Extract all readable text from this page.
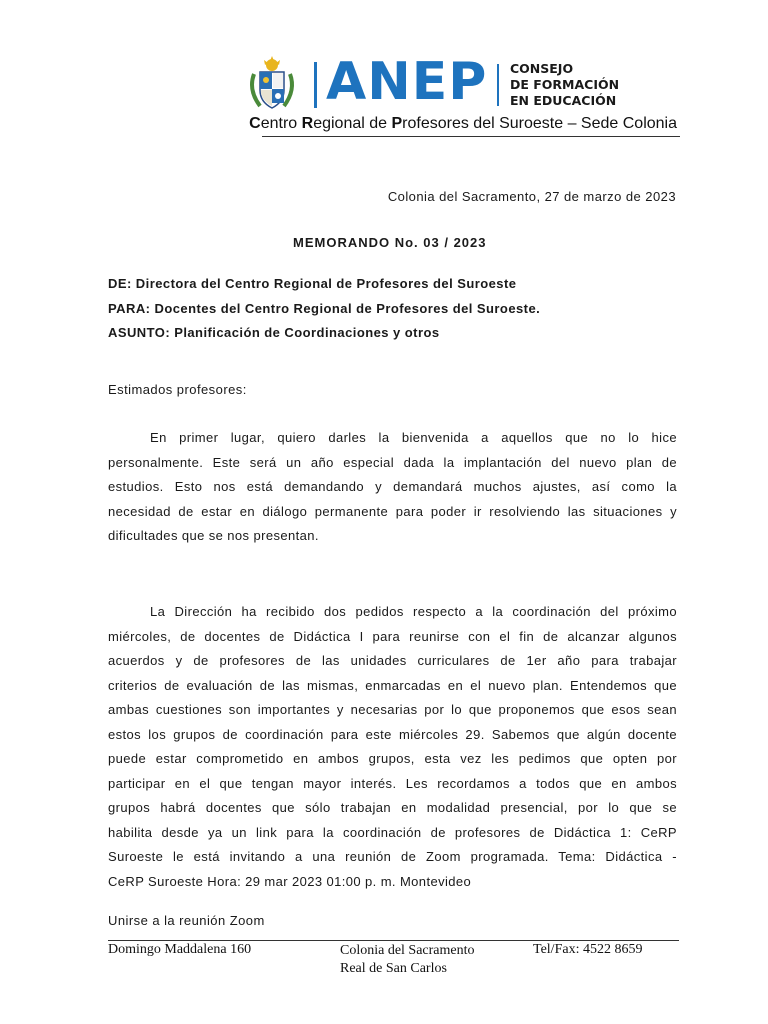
ANEP CONSEJO
DE FORMACIÓN
EN EDUCACIÓN
Centro Regional de Profesores del Suroeste – Sede Colonia
Colonia del Sacramento, 27 de marzo de 2023
MEMORANDO No. 03 / 2023
DE: Directora del Centro Regional de Profesores del Suroeste
PARA: Docentes del Centro Regional de Profesores del Suroeste.
ASUNTO: Planificación de Coordinaciones y otros
Estimados profesores:
En primer lugar, quiero darles la bienvenida a aquellos que no lo hice
personalmente. Este será un año especial dada la implantación del nuevo plan de
estudios. Esto nos está demandando y demandará muchos ajustes, así como la
necesidad de estar en diálogo permanente para poder ir resolviendo las situaciones y
dificultades que se nos presentan.
La Dirección ha recibido dos pedidos respecto a la coordinación del próximo
miércoles, de docentes de Didáctica I para reunirse con el fin de alcanzar algunos
acuerdos y de profesores de las unidades curriculares de 1er año para trabajar
criterios de evaluación de las mismas, enmarcadas en el nuevo plan. Entendemos que
ambas cuestiones son importantes y necesarias por lo que proponemos que esos sean
estos los grupos de coordinación para este miércoles 29. Sabemos que algún docente
puede estar comprometido en ambos grupos, esta vez les pedimos que opten por
participar en el que tengan mayor interés. Les recordamos a todos que en ambos
grupos habrá docentes que sólo trabajan en modalidad presencial, por lo que se
habilita desde ya un link para la coordinación de profesores de Didáctica 1: CeRP
Suroeste le está invitando a una reunión de Zoom programada. Tema: Didáctica -
CeRP Suroeste Hora: 29 mar 2023 01:00 p. m. Montevideo
Unirse a la reunión Zoom
Domingo Maddalena 160	Colonia del Sacramento
Real de San Carlos
Tel/Fax: 4522 8659
